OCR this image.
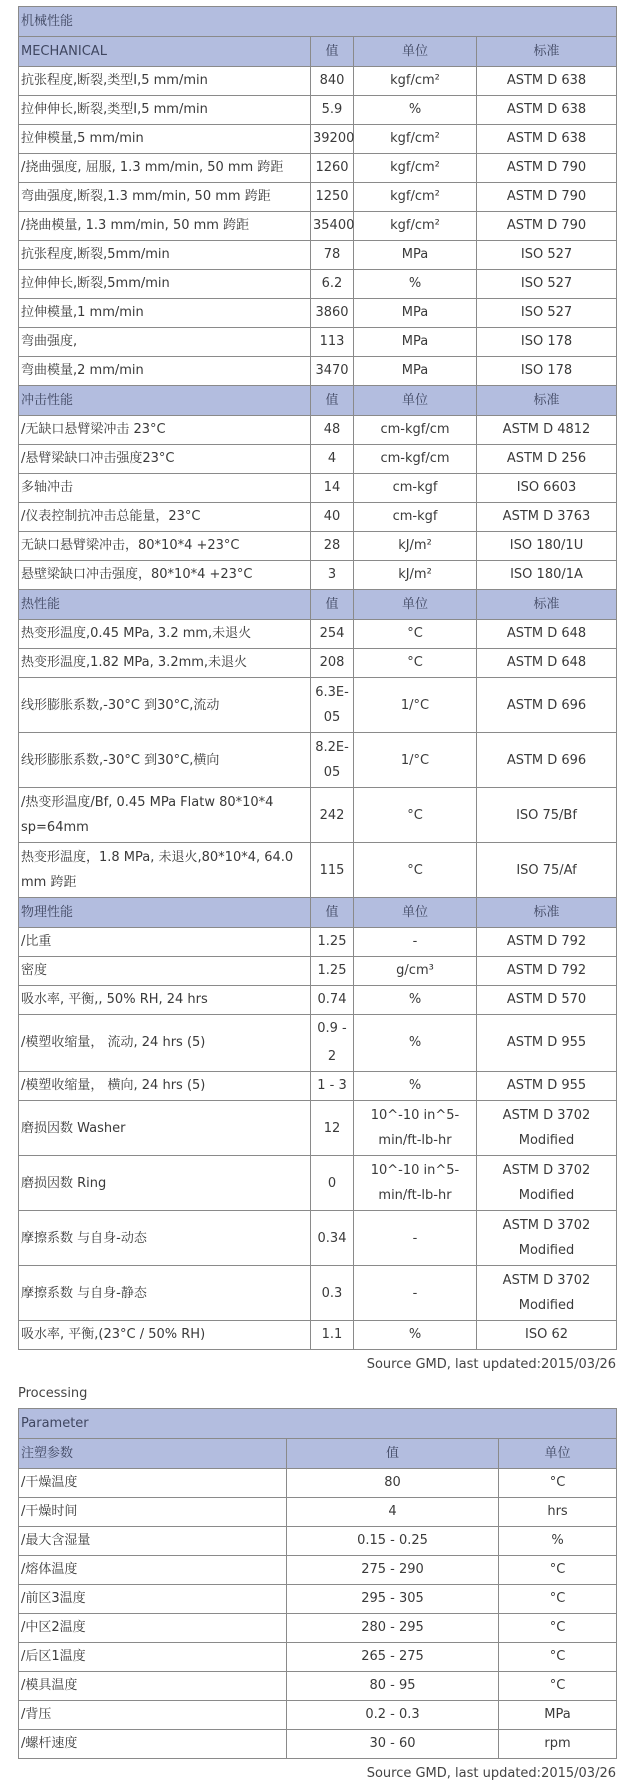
机械性能			
MECHANICAL	值	单位	标准
抗张程度,断裂,类型I,5 mm/min	840	kgf/cm²	ASTM D 638
拉伸伸长,断裂,类型I,5 mm/min	5.9	%	ASTM D 638
拉伸模量,5 mm/min	39200	kgf/cm²	ASTM D 638
/挠曲强度, 屈服, 1.3 mm/min, 50 mm 跨距	1260	kgf/cm²	ASTM D 790
弯曲强度,断裂,1.3 mm/min, 50 mm 跨距	1250	kgf/cm²	ASTM D 790
/挠曲模量, 1.3 mm/min, 50 mm 跨距	35400	kgf/cm²	ASTM D 790
抗张程度,断裂,5mm/min	78	MPa	ISO 527
拉伸伸长,断裂,5mm/min	6.2	%	ISO 527
拉伸模量,1 mm/min	3860	MPa	ISO 527
弯曲强度,	113	MPa	ISO 178
弯曲模量,2 mm/min	3470	MPa	ISO 178
冲击性能	值	单位	标准
/无缺口悬臂梁冲击 23°C	48	cm-kgf/cm	ASTM D 4812
/悬臂梁缺口冲击强度23°C	4	cm-kgf/cm	ASTM D 256
多轴冲击	14	cm-kgf	ISO 6603
/仪表控制抗冲击总能量，23°C	40	cm-kgf	ASTM D 3763
无缺口悬臂梁冲击，80*10*4 +23°C	28	kJ/m²	ISO 180/1U
悬壁梁缺口冲击强度，80*10*4 +23°C	3	kJ/m²	ISO 180/1A
热性能	值	单位	标准
热变形温度,0.45 MPa, 3.2 mm,未退火	254	°C	ASTM D 648
热变形温度,1.82 MPa, 3.2mm,未退火	208	°C	ASTM D 648
线形膨胀系数,-30°C 到30°C,流动	6.3E-05	1/°C	ASTM D 696
线形膨胀系数,-30°C 到30°C,横向	8.2E-05	1/°C	ASTM D 696
/热变形温度/Bf, 0.45 MPa Flatw 80*10*4 sp=64mm	242	°C	ISO 75/Bf
热变形温度，1.8 MPa, 未退火,80*10*4, 64.0 mm 跨距	115	°C	ISO 75/Af
物理性能	值	单位	标准
/比重	1.25	-	ASTM D 792
密度	1.25	g/cm³	ASTM D 792
吸水率, 平衡,, 50% RH, 24 hrs	0.74	%	ASTM D 570
/模塑收缩量， 流动, 24 hrs (5)	0.9 - 2	%	ASTM D 955
/模塑收缩量， 横向, 24 hrs (5)	1 - 3	%	ASTM D 955
磨损因数 Washer	12	10^-10 in^5-min/ft-lb-hr	ASTM D 3702 Modified
磨损因数 Ring	0	10^-10 in^5-min/ft-lb-hr	ASTM D 3702 Modified
摩擦系数 与自身-动态	0.34	-	ASTM D 3702 Modified
摩擦系数 与自身-静态	0.3	-	ASTM D 3702 Modified
吸水率, 平衡,(23°C / 50% RH)	1.1	%	ISO 62
Source GMD, last updated:2015/03/26
Processing
Parameter		
注塑参数	值	单位
/干燥温度	80	°C
/干燥时间	4	hrs
/最大含湿量	0.15 - 0.25	%
/熔体温度	275 - 290	°C
/前区3温度	295 - 305	°C
/中区2温度	280 - 295	°C
/后区1温度	265 - 275	°C
/模具温度	80 - 95	°C
/背压	0.2 - 0.3	MPa
/螺杆速度	30 - 60	rpm
Source GMD, last updated:2015/03/26
